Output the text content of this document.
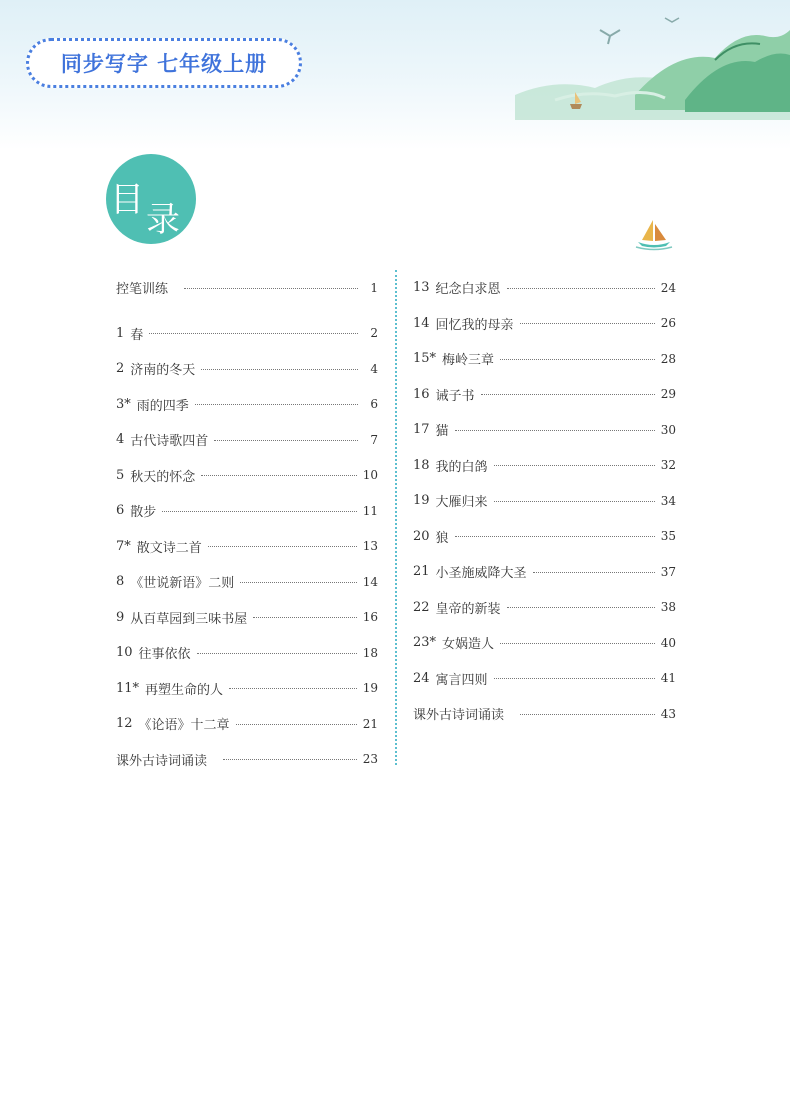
同步写字 七年级上册
目 录
控笔训练	1
1 春	2
2 济南的冬天	4
3* 雨的四季	6
4 古代诗歌四首	7
5 秋天的怀念	10
6 散步	11
7* 散文诗二首	13
8 《世说新语》二则	14
9 从百草园到三味书屋	16
10 往事依依	18
11* 再塑生命的人	19
12 《论语》十二章	21
课外古诗词诵读	23
13 纪念白求恩	24
14 回忆我的母亲	26
15* 梅岭三章	28
16 诫子书	29
17 猫	30
18 我的白鸽	32
19 大雁归来	34
20 狼	35
21 小圣施威降大圣	37
22 皇帝的新装	38
23* 女娲造人	40
24 寓言四则	41
课外古诗词诵读	43
